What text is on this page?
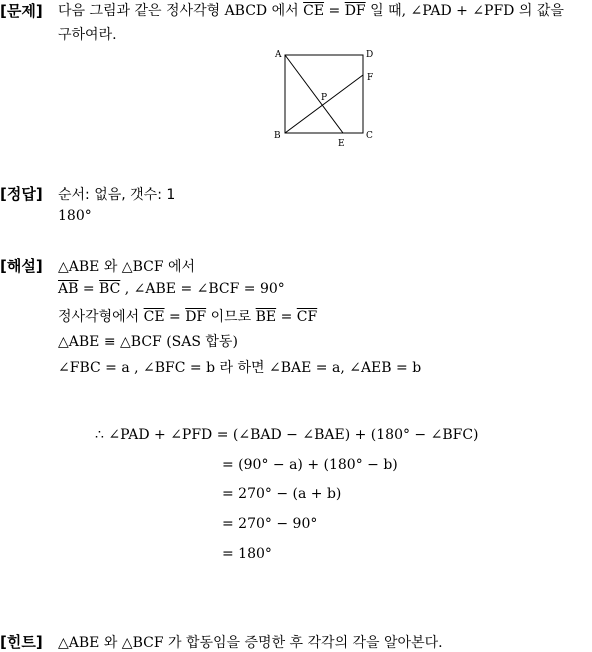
[문제] 다음 그림과 같은 정사각형 ABCD 에서 $\overline{CE} = \overline{DF}$ 일 때, ∠PAD + ∠PFD 의 값을
구하여라.
A	D
F
P
B
E
C
[정답] 순서: 없음, 갯수: 1
180°
[해설] △ABE 와 △BCF 에서
$\overline{AB} = \overline{BC}$ , ∠ABE = ∠BCF = 90°
정사각형에서 $\overline{CE} = \overline{DF}$ 이므로 $\overline{BE} = \overline{CF}$
△ABE ≡ △BCF (SAS 합동)
∠FBC = a , ∠BFC = b 라 하면 ∠BAE = a, ∠AEB = b
∴ ∠PAD + ∠PFD = (∠BAD − ∠BAE) + (180° − ∠BFC)
= (90° − a) + (180° − b)
= 270° − (a + b)
= 270° − 90°
= 180°
[힌트] △ABE 와 △BCF 가 합동임을 증명한 후 각각의 각을 알아본다.
